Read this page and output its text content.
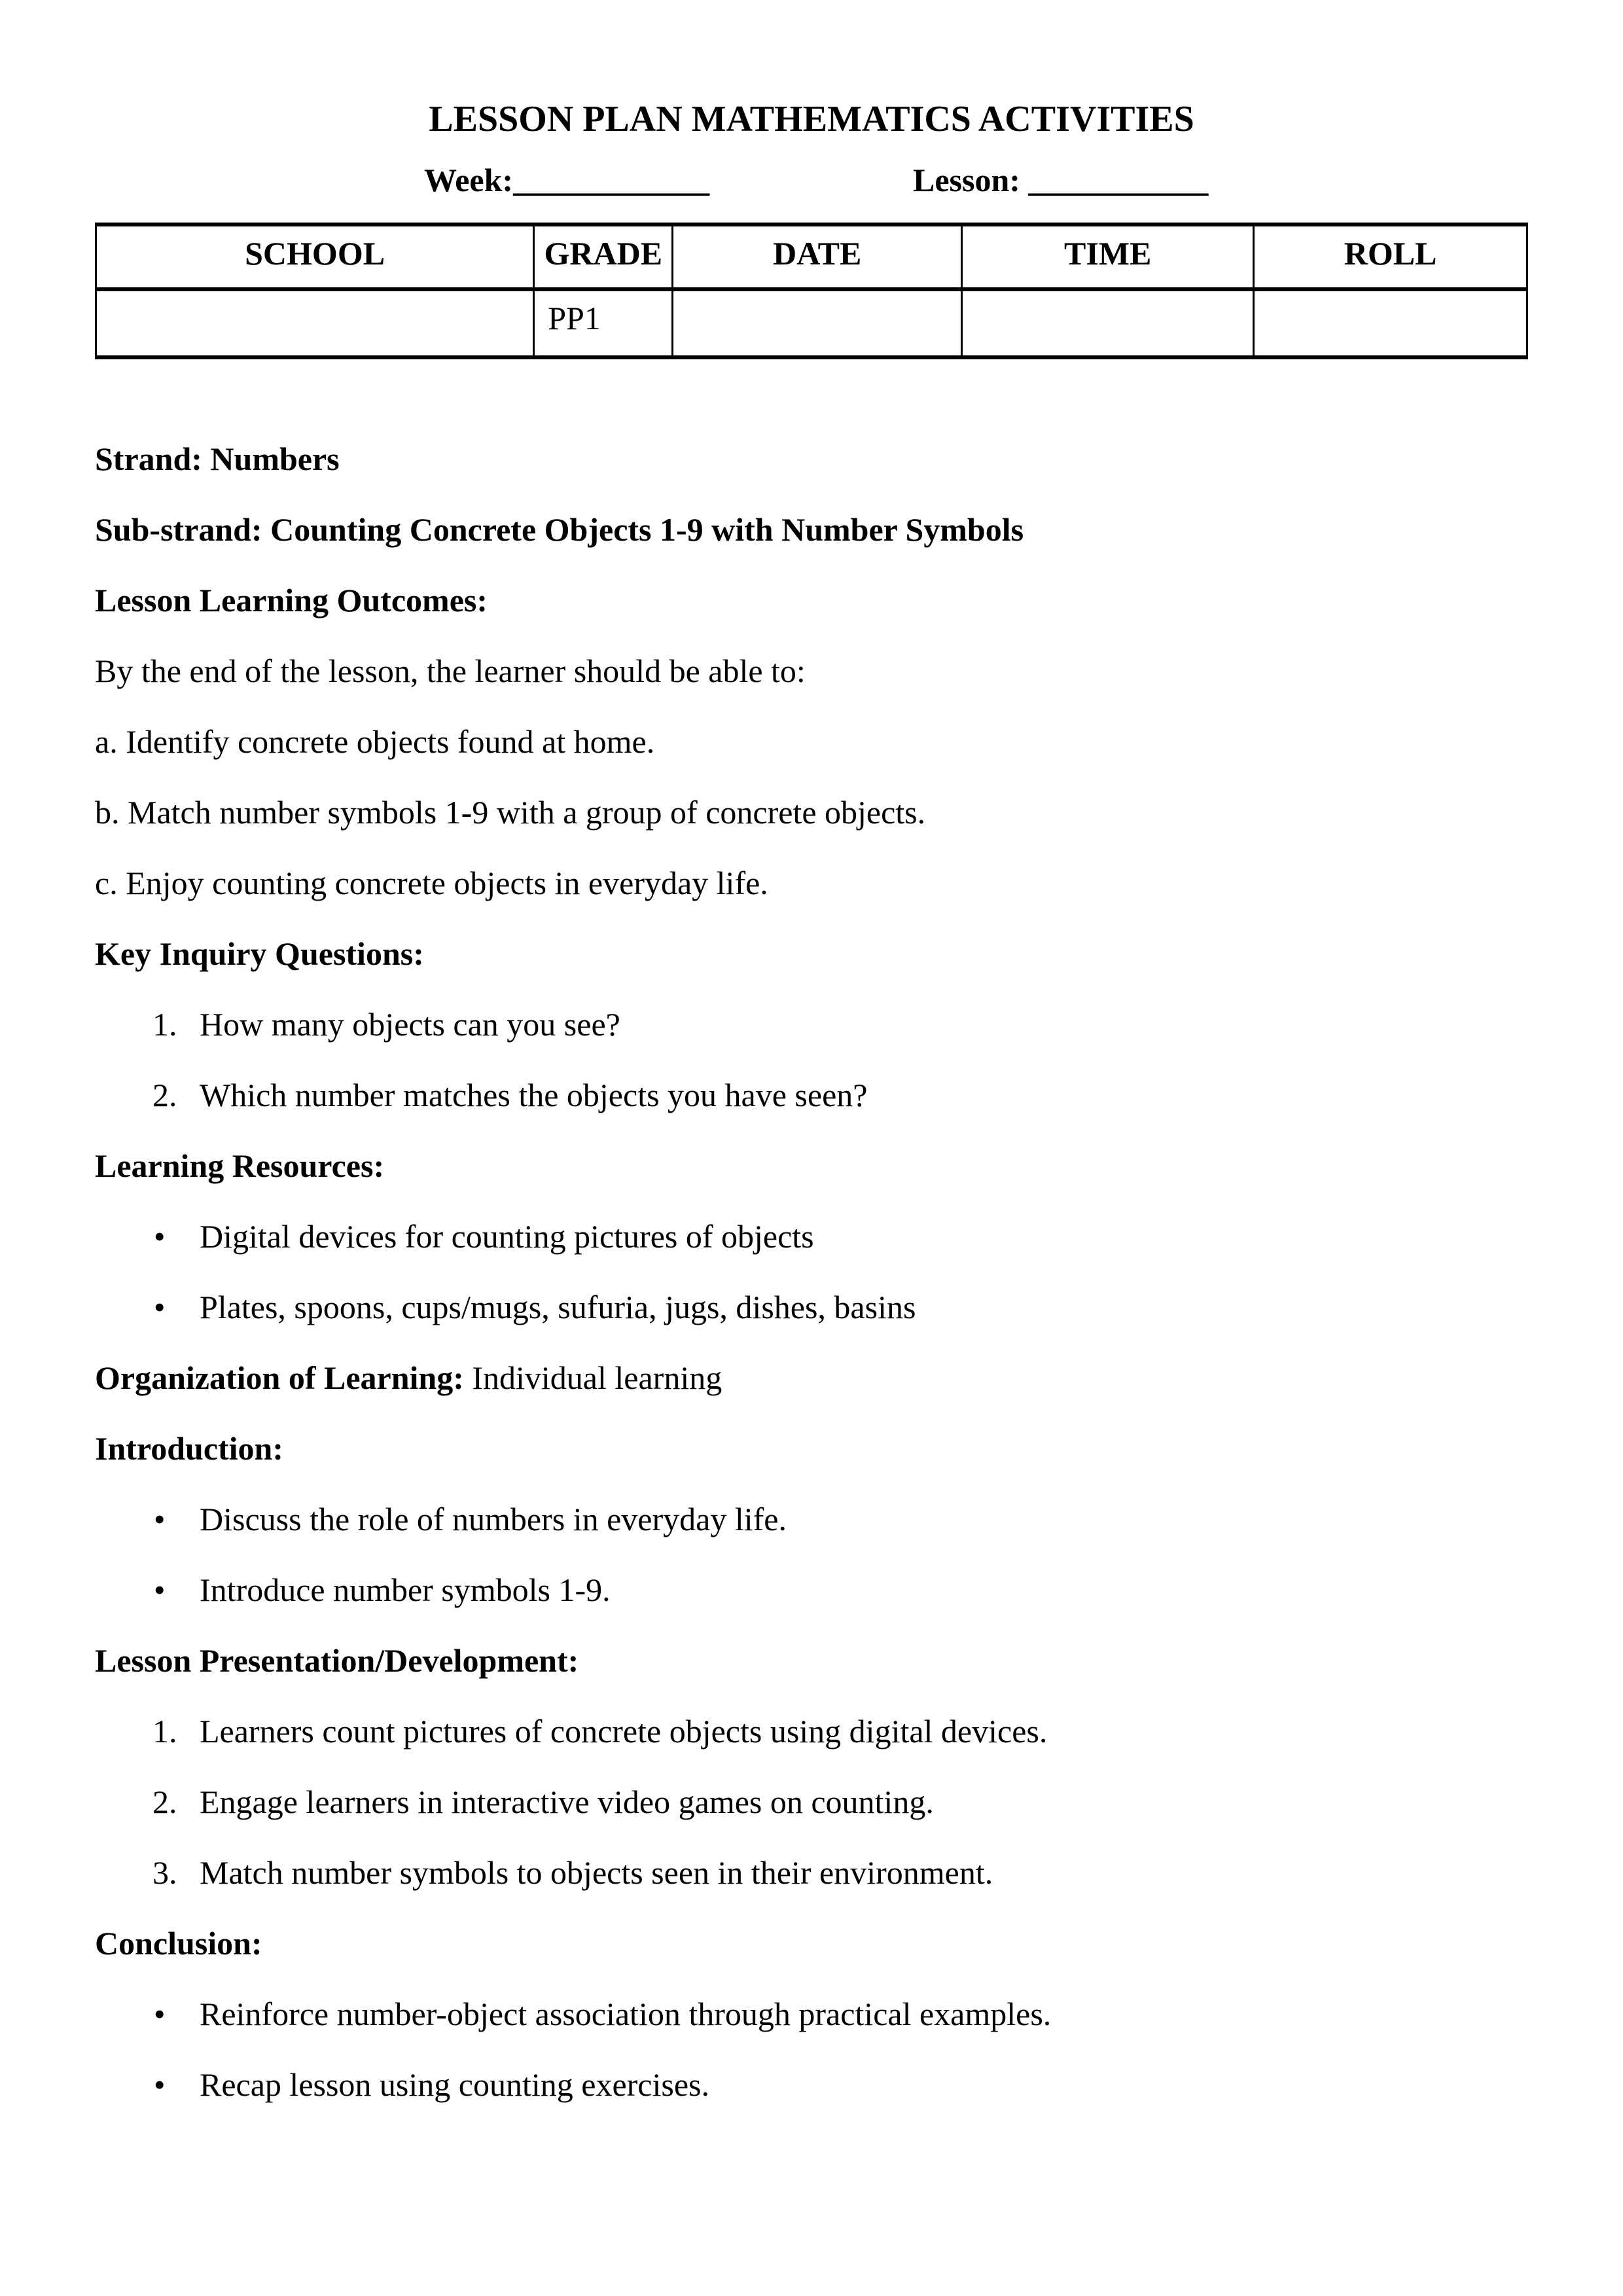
LESSON PLAN MATHEMATICS ACTIVITIES
Week:____________	Lesson: ___________
SCHOOL	GRADE	DATE	TIME	ROLL
	PP1			

Strand: Numbers

Sub-strand: Counting Concrete Objects 1-9 with Number Symbols

Lesson Learning Outcomes:

By the end of the lesson, the learner should be able to:

a. Identify concrete objects found at home.

b. Match number symbols 1-9 with a group of concrete objects.

c. Enjoy counting concrete objects in everyday life.

Key Inquiry Questions:

1. How many objects can you see?
2. Which number matches the objects you have seen?

Learning Resources:

• Digital devices for counting pictures of objects
• Plates, spoons, cups/mugs, sufuria, jugs, dishes, basins

Organization of Learning: Individual learning

Introduction:

• Discuss the role of numbers in everyday life.
• Introduce number symbols 1-9.

Lesson Presentation/Development:

1. Learners count pictures of concrete objects using digital devices.
2. Engage learners in interactive video games on counting.
3. Match number symbols to objects seen in their environment.

Conclusion:

• Reinforce number-object association through practical examples.
• Recap lesson using counting exercises.
